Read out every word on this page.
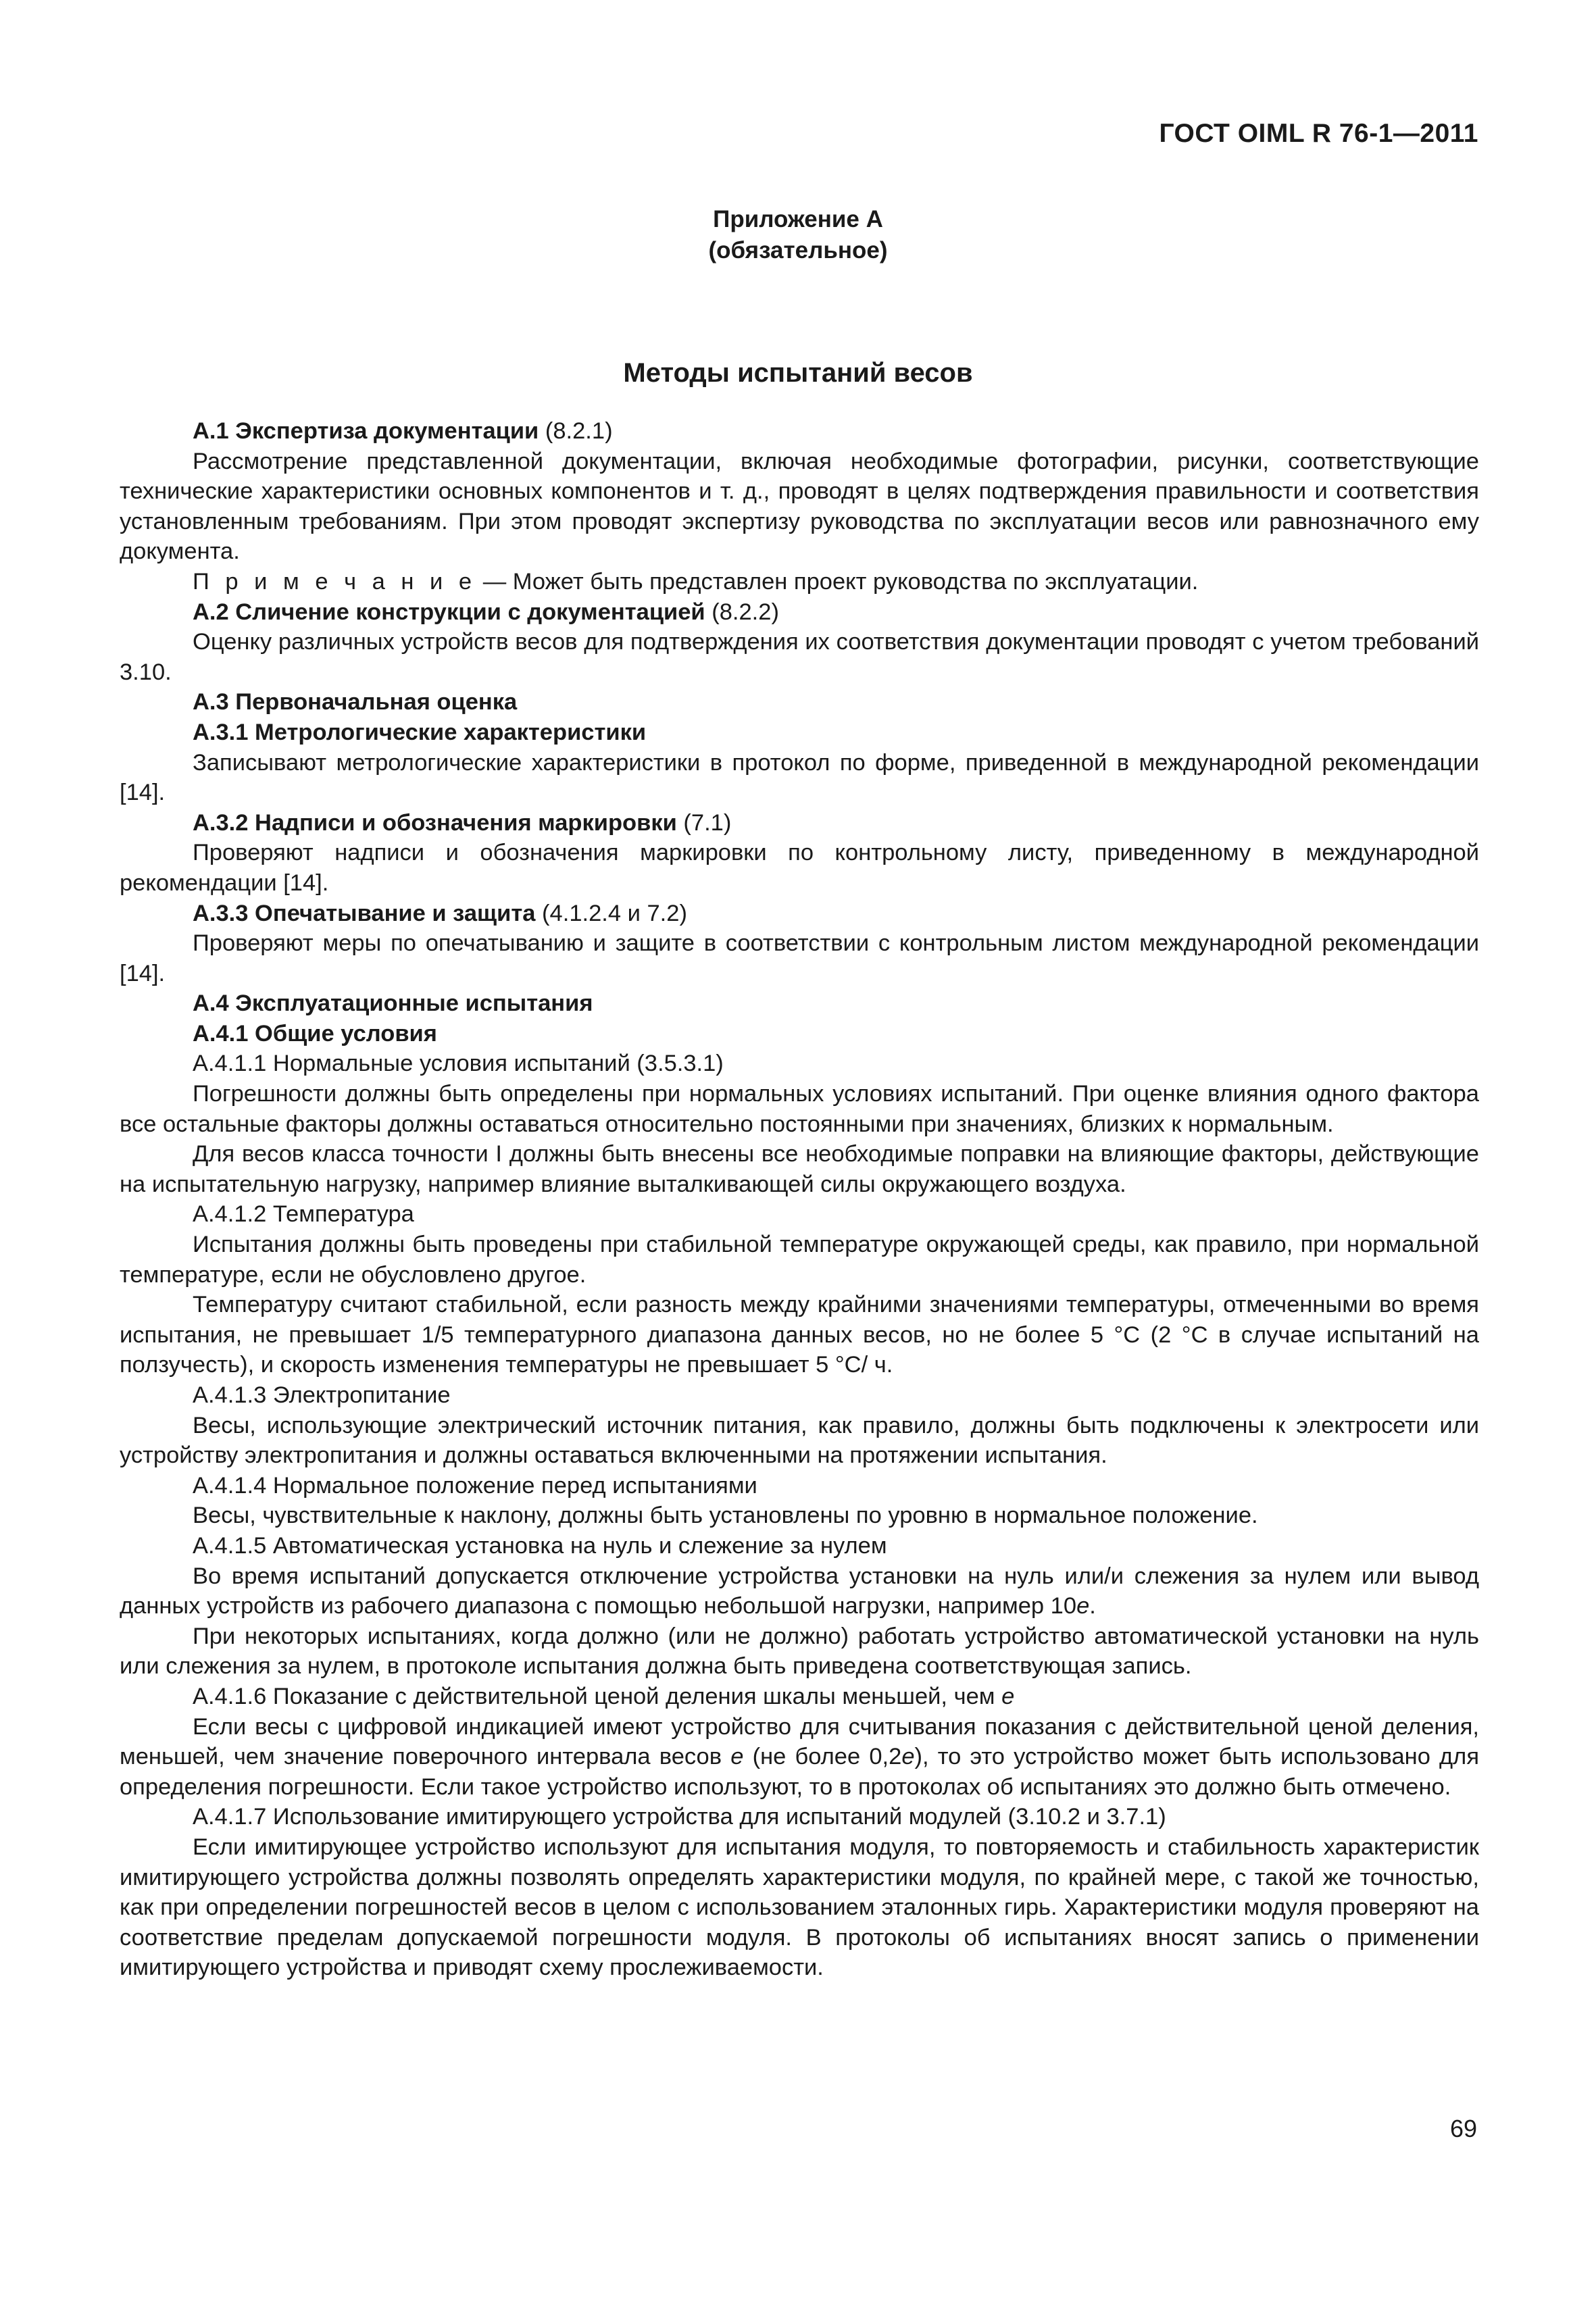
ГОСТ OIML R 76-1—2011
Приложение А
(обязательное)
Методы испытаний весов

А.1 Экспертиза документации (8.2.1)

Рассмотрение представленной документации, включая необходимые фотографии, рисунки, соответствующие технические характеристики основных компонентов и т. д., проводят в целях подтверждения правильности и соответствия установленным требованиям. При этом проводят экспертизу руководства по эксплуатации весов или равнозначного ему документа.

П р и м е ч а н и е — Может быть представлен проект руководства по эксплуатации.

А.2 Сличение конструкции с документацией (8.2.2)

Оценку различных устройств весов для подтверждения их соответствия документации проводят с учетом требований 3.10.

А.3 Первоначальная оценка

А.3.1 Метрологические характеристики

Записывают метрологические характеристики в протокол по форме, приведенной в международной рекомендации [14].

А.3.2 Надписи и обозначения маркировки (7.1)

Проверяют надписи и обозначения маркировки по контрольному листу, приведенному в международной рекомендации [14].

А.3.3 Опечатывание и защита (4.1.2.4 и 7.2)

Проверяют меры по опечатыванию и защите в соответствии с контрольным листом международной рекомендации [14].

А.4 Эксплуатационные испытания

А.4.1 Общие условия

А.4.1.1 Нормальные условия испытаний (3.5.3.1)

Погрешности должны быть определены при нормальных условиях испытаний. При оценке влияния одного фактора все остальные факторы должны оставаться относительно постоянными при значениях, близких к нормальным.

Для весов класса точности I должны быть внесены все необходимые поправки на влияющие факторы, действующие на испытательную нагрузку, например влияние выталкивающей силы окружающего воздуха.

А.4.1.2 Температура

Испытания должны быть проведены при стабильной температуре окружающей среды, как правило, при нормальной температуре, если не обусловлено другое.

Температуру считают стабильной, если разность между крайними значениями температуры, отмеченными во время испытания, не превышает 1/5 температурного диапазона данных весов, но не более 5 °С (2 °С в случае испытаний на ползучесть), и скорость изменения температуры не превышает 5 °С/ ч.

А.4.1.3 Электропитание

Весы, использующие электрический источник питания, как правило, должны быть подключены к электросети или устройству электропитания и должны оставаться включенными на протяжении испытания.

А.4.1.4 Нормальное положение перед испытаниями

Весы, чувствительные к наклону, должны быть установлены по уровню в нормальное положение.

А.4.1.5 Автоматическая установка на нуль и слежение за нулем

Во время испытаний допускается отключение устройства установки на нуль или/и слежения за нулем или вывод данных устройств из рабочего диапазона с помощью небольшой нагрузки, например 10е.

При некоторых испытаниях, когда должно (или не должно) работать устройство автоматической установки на нуль или слежения за нулем, в протоколе испытания должна быть приведена соответствующая запись.

А.4.1.6 Показание с действительной ценой деления шкалы меньшей, чем е

Если весы с цифровой индикацией имеют устройство для считывания показания с действительной ценой деления, меньшей, чем значение поверочного интервала весов е (не более 0,2е), то это устройство может быть использовано для определения погрешности. Если такое устройство используют, то в протоколах об испытаниях это должно быть отмечено.

А.4.1.7 Использование имитирующего устройства для испытаний модулей (3.10.2 и 3.7.1)

Если имитирующее устройство используют для испытания модуля, то повторяемость и стабильность характеристик имитирующего устройства должны позволять определять характеристики модуля, по крайней мере, с такой же точностью, как при определении погрешностей весов в целом с использованием эталонных гирь. Характеристики модуля проверяют на соответствие пределам допускаемой погрешности модуля. В протоколы об испытаниях вносят запись о применении имитирующего устройства и приводят схему прослеживаемости.

69
